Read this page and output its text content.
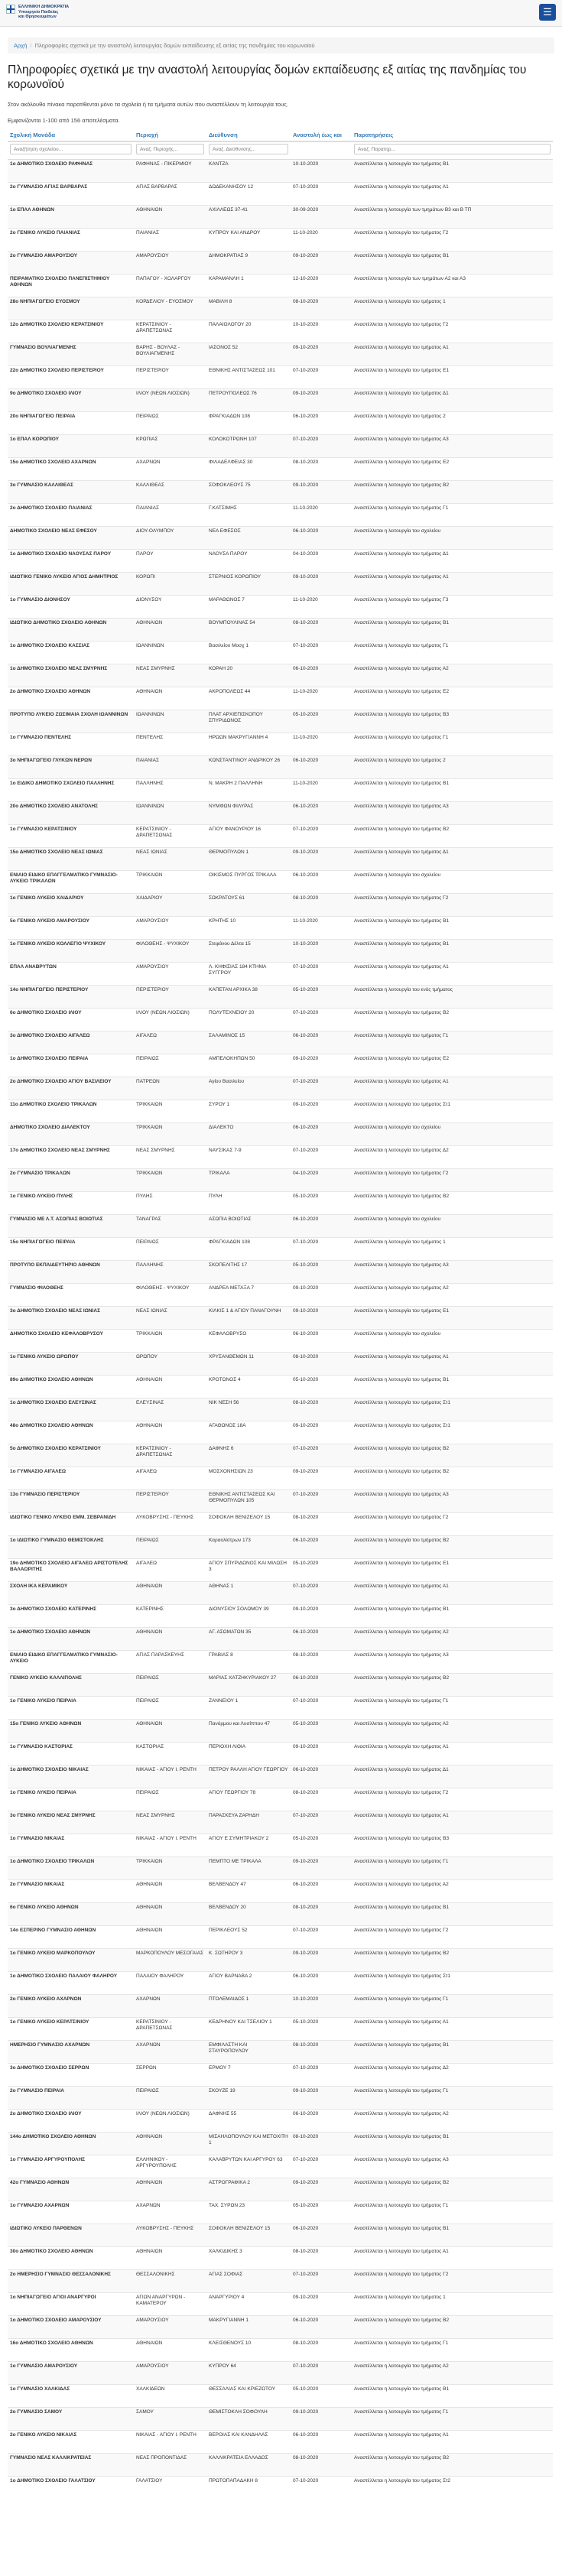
ΕΛΛΗΝΙΚΗ ΔΗΜΟΚΡΑΤΙΑ
Υπουργείο Παιδείας
και Θρησκευμάτων	☰
Αρχή / Πληροφορίες σχετικά με την αναστολή λειτουργίας δομών εκπαίδευσης εξ αιτίας της πανδημίας του κορωνοϊού
Πληροφορίες σχετικά με την αναστολή λειτουργίας δομών εκπαίδευσης εξ αιτίας της πανδημίας του κορωνοϊού
Στον ακόλουθο πίνακα παρατίθενται μόνο τα σχολεία ή τα τμήματα αυτών που αναστέλλουν τη λειτουργία τους.
Εμφανίζονται 1-100 από 156 αποτελέσματα.
Σχολική Μονάδα	Περιοχή	Διεύθυνση	Αναστολή έως και	Παρατηρήσεις
Αναζήτηση σχολείου...	Αναζ. Περιοχής...	Αναζ. Διεύθυνσης...		Αναζ. Παρατηρ...
1ο ΔΗΜΟΤΙΚΟ ΣΧΟΛΕΙΟ ΡΑΦΗΝΑΣ	ΡΑΦΗΝΑΣ - ΠΙΚΕΡΜΙΟΥ	ΚΑΝΤΖΑ	10-10-2020	Αναστέλλεται η λειτουργία του τμήματος Β1
2ο ΓΥΜΝΑΣΙΟ ΑΓΙΑΣ ΒΑΡΒΑΡΑΣ	ΑΓΙΑΣ ΒΑΡΒΑΡΑΣ	ΔΩΔΕΚΑΝΗΣΟΥ 12	07-10-2020	Αναστέλλεται η λειτουργία του τμήματος Α1
1ο ΕΠΑΛ ΑΘΗΝΩΝ	ΑΘΗΝΑΙΩΝ	ΑΧΙΛΛΕΩΣ 37-41	30-09-2020	Αναστέλλεται η λειτουργία των τμημάτων Β3 και Β ΤΠ
2ο ΓΕΝΙΚΟ ΛΥΚΕΙΟ ΠΑΙΑΝΙΑΣ	ΠΑΙΑΝΙΑΣ	ΚΥΠΡΟΥ ΚΑΙ ΑΝΔΡΟΥ	11-10-2020	Αναστέλλεται η λειτουργία του τμήματος Γ2
2ο ΓΥΜΝΑΣΙΟ ΑΜΑΡΟΥΣΙΟΥ	ΑΜΑΡΟΥΣΙΟΥ	ΔΗΜΟΚΡΑΤΙΑΣ 9	09-10-2020	Αναστέλλεται η λειτουργία του τμήματος Β1
ΠΕΙΡΑΜΑΤΙΚΟ ΣΧΟΛΕΙΟ ΠΑΝΕΠΙΣΤΗΜΙΟΥ ΑΘΗΝΩΝ	ΠΑΠΑΓΟΥ - ΧΟΛΑΡΓΟΥ	ΚΑΡΑΜΑΝΛΗ 1	12-10-2020	Αναστέλλεται η λειτουργία των τμημάτων Α2 και Α3
28ο ΝΗΠΙΑΓΩΓΕΙΟ ΕΥΟΣΜΟΥ	ΚΟΡΔΕΛΙΟΥ - ΕΥΟΣΜΟΥ	ΜΑΒΙΛΗ 8	08-10-2020	Αναστέλλεται η λειτουργία του τμήματος 1
12ο ΔΗΜΟΤΙΚΟ ΣΧΟΛΕΙΟ ΚΕΡΑΤΣΙΝΙΟΥ	ΚΕΡΑΤΣΙΝΙΟΥ - ΔΡΑΠΕΤΣΩΝΑΣ	ΠΑΛΑΙΟΛΟΓΟΥ 20	10-10-2020	Αναστέλλεται η λειτουργία του τμήματος Γ2
ΓΥΜΝΑΣΙΟ ΒΟΥΛΙΑΓΜΕΝΗΣ	ΒΑΡΗΣ - ΒΟΥΛΑΣ - ΒΟΥΛΙΑΓΜΕΝΗΣ	ΙΑΣΟΝΟΣ 52	09-10-2020	Αναστέλλεται η λειτουργία του τμήματος Α1
22ο ΔΗΜΟΤΙΚΟ ΣΧΟΛΕΙΟ ΠΕΡΙΣΤΕΡΙΟΥ	ΠΕΡΙΣΤΕΡΙΟΥ	ΕΘΝΙΚΗΣ ΑΝΤΙΣΤΑΣΕΩΣ 101	07-10-2020	Αναστέλλεται η λειτουργία του τμήματος Ε1
9ο ΔΗΜΟΤΙΚΟ ΣΧΟΛΕΙΟ ΙΛΙΟΥ	ΙΛΙΟΥ (ΝΕΩΝ ΛΙΟΣΙΩΝ)	ΠΕΤΡΟΥΠΟΛΕΩΣ 76	09-10-2020	Αναστέλλεται η λειτουργία του τμήματος Δ1
20ο ΝΗΠΙΑΓΩΓΕΙΟ ΠΕΙΡΑΙΑ	ΠΕΙΡΑΙΩΣ	ΦΡΑΓΚΙΑΔΩΝ 108	06-10-2020	Αναστέλλεται η λειτουργία του τμήματος 2
1ο ΕΠΑΛ ΚΟΡΩΠΙΟΥ	ΚΡΩΠΙΑΣ	ΚΟΛΟΚΟΤΡΩΝΗ 107	07-10-2020	Αναστέλλεται η λειτουργία του τμήματος Α3
15ο ΔΗΜΟΤΙΚΟ ΣΧΟΛΕΙΟ ΑΧΑΡΝΩΝ	ΑΧΑΡΝΩΝ	ΦΙΛΑΔΕΛΦΕΙΑΣ 30	08-10-2020	Αναστέλλεται η λειτουργία του τμήματος Ε2
3ο ΓΥΜΝΑΣΙΟ ΚΑΛΛΙΘΕΑΣ	ΚΑΛΛΙΘΕΑΣ	ΣΟΦΟΚΛΕΟΥΣ 75	09-10-2020	Αναστέλλεται η λειτουργία του τμήματος Β2
2ο ΔΗΜΟΤΙΚΟ ΣΧΟΛΕΙΟ ΠΑΙΑΝΙΑΣ	ΠΑΙΑΝΙΑΣ	Γ.ΚΑΤΣΙΜΗΣ	11-10-2020	Αναστέλλεται η λειτουργία του τμήματος Γ1
ΔΗΜΟΤΙΚΟ ΣΧΟΛΕΙΟ ΝΕΑΣ ΕΦΕΣΟΥ	ΔΙΟΥ-ΟΛΥΜΠΟΥ	ΝΕΑ ΕΦΕΣΟΣ	06-10-2020	Αναστέλλεται η λειτουργία του σχολείου
1ο ΔΗΜΟΤΙΚΟ ΣΧΟΛΕΙΟ ΝΑΟΥΣΑΣ ΠΑΡΟΥ	ΠΑΡΟΥ	ΝΑΟΥΣΑ ΠΑΡΟΥ	04-10-2020	Αναστέλλεται η λειτουργία του τμήματος Δ1
ΙΔΙΩΤΙΚΟ ΓΕΝΙΚΟ ΛΥΚΕΙΟ ΑΓΙΟΣ ΔΗΜΗΤΡΙΟΣ	ΚΟΡΩΠΙ	ΣΤΕΡΝΙΟΣ ΚΟΡΩΠΙΟΥ	09-10-2020	Αναστέλλεται η λειτουργία του τμήματος Α1
1ο ΓΥΜΝΑΣΙΟ ΔΙΟΝΗΣΟΥ	ΔΙΟΝΥΣΟΥ	ΜΑΡΑΘΩΝΟΣ 7	11-10-2020	Αναστέλλεται η λειτουργία του τμήματος Γ3
ΙΔΙΩΤΙΚΟ ΔΗΜΟΤΙΚΟ ΣΧΟΛΕΙΟ ΑΘΗΝΩΝ	ΑΘΗΝΑΙΩΝ	ΒΟΥΜΠΟΥΛΙΝΑΣ 54	08-10-2020	Αναστέλλεται η λειτουργία του τμήματος Β1
1ο ΔΗΜΟΤΙΚΟ ΣΧΟΛΕΙΟ ΚΑΣΣΙΑΣ	ΙΩΑΝΝΙΝΩΝ	Βασιλείου Μοσχ 1	07-10-2020	Αναστέλλεται η λειτουργία του τμήματος Γ1
1ο ΔΗΜΟΤΙΚΟ ΣΧΟΛΕΙΟ ΝΕΑΣ ΣΜΥΡΝΗΣ	ΝΕΑΣ ΣΜΥΡΝΗΣ	ΚΟΡΑΗ 20	06-10-2020	Αναστέλλεται η λειτουργία του τμήματος Α2
2ο ΔΗΜΟΤΙΚΟ ΣΧΟΛΕΙΟ ΑΘΗΝΩΝ	ΑΘΗΝΑΙΩΝ	ΑΚΡΟΠΟΛΕΩΣ 44	11-10-2020	Αναστέλλεται η λειτουργία του τμήματος Ε2
ΠΡΟΤΥΠΟ ΛΥΚΕΙΟ ΖΩΣΙΜΑΙΑ ΣΧΟΛΗ ΙΩΑΝΝΙΝΩΝ	ΙΩΑΝΝΙΝΩΝ	ΠΛΑΤ ΑΡΧΙΕΠΙΣΚΟΠΟΥ ΣΠΥΡΙΔΩΝΟΣ	05-10-2020	Αναστέλλεται η λειτουργία του τμήματος Β3
1ο ΓΥΜΝΑΣΙΟ ΠΕΝΤΕΛΗΣ	ΠΕΝΤΕΛΗΣ	ΗΡΩΩΝ ΜΑΚΡΥΓΙΑΝΝΗ 4	11-10-2020	Αναστέλλεται η λειτουργία του τμήματος Γ1
3ο ΝΗΠΙΑΓΩΓΕΙΟ ΓΛΥΚΩΝ ΝΕΡΩΝ	ΠΑΙΑΝΙΑΣ	ΚΩΝΣΤΑΝΤΙΝΟΥ ΑΝΔΡΙΚΟΥ 26	06-10-2020	Αναστέλλεται η λειτουργία του τμήματος 2
1ο ΕΙΔΙΚΟ ΔΗΜΟΤΙΚΟ ΣΧΟΛΕΙΟ ΠΑΛΛΗΝΗΣ	ΠΑΛΛΗΝΗΣ	Ν. ΜΑΚΡΗ 2 ΠΑΛΛΗΝΗ	11-10-2020	Αναστέλλεται η λειτουργία του τμήματος Β1
20ο ΔΗΜΟΤΙΚΟ ΣΧΟΛΕΙΟ ΑΝΑΤΟΛΗΣ	ΙΩΑΝΝΙΝΩΝ	ΝΥΜΦΩΝ ΦΙΛΥΡΑΣ	06-10-2020	Αναστέλλεται η λειτουργία του τμήματος Α3
1ο ΓΥΜΝΑΣΙΟ ΚΕΡΑΤΣΙΝΙΟΥ	ΚΕΡΑΤΣΙΝΙΟΥ - ΔΡΑΠΕΤΣΩΝΑΣ	ΑΓΙΟΥ ΦΑΝΟΥΡΙΟΥ 16	07-10-2020	Αναστέλλεται η λειτουργία του τμήματος Β2
15ο ΔΗΜΟΤΙΚΟ ΣΧΟΛΕΙΟ ΝΕΑΣ ΙΩΝΙΑΣ	ΝΕΑΣ ΙΩΝΙΑΣ	ΘΕΡΜΟΠΥΛΩΝ 1	09-10-2020	Αναστέλλεται η λειτουργία του τμήματος Δ1
ΕΝΙΑΙΟ ΕΙΔΙΚΟ ΕΠΑΓΓΕΛΜΑΤΙΚΟ ΓΥΜΝΑΣΙΟ-ΛΥΚΕΙΟ ΤΡΙΚΑΛΩΝ	ΤΡΙΚΚΑΙΩΝ	ΟΙΚΙΣΜΟΣ ΠΥΡΓΟΣ ΤΡΙΚΑΛΑ	06-10-2020	Αναστέλλεται η λειτουργία του σχολείου
1ο ΓΕΝΙΚΟ ΛΥΚΕΙΟ ΧΑΙΔΑΡΙΟΥ	ΧΑΙΔΑΡΙΟΥ	ΣΩΚΡΑΤΟΥΣ 61	08-10-2020	Αναστέλλεται η λειτουργία του τμήματος Γ2
5ο ΓΕΝΙΚΟ ΛΥΚΕΙΟ ΑΜΑΡΟΥΣΙΟΥ	ΑΜΑΡΟΥΣΙΟΥ	ΚΡΗΤΗΣ 10	11-10-2020	Αναστέλλεται η λειτουργία του τμήματος Β1
1ο ΓΕΝΙΚΟ ΛΥΚΕΙΟ ΚΟΛΛΕΓΙΟ ΨΥΧΙΚΟΥ	ΦΙΛΟΘΕΗΣ - ΨΥΧΙΚΟΥ	Στεφάνου Δέλτα 15	10-10-2020	Αναστέλλεται η λειτουργία του τμήματος Β1
ΕΠΑΛ ΑΝΑΒΡΥΤΩΝ	ΑΜΑΡΟΥΣΙΟΥ	Λ. ΚΗΦΙΣΙΑΣ 184 ΚΤΗΜΑ ΣΥΓΓΡΟΥ	07-10-2020	Αναστέλλεται η λειτουργία του τμήματος Α1
14ο ΝΗΠΙΑΓΩΓΕΙΟ ΠΕΡΙΣΤΕΡΙΟΥ	ΠΕΡΙΣΤΕΡΙΟΥ	ΚΑΠΕΤΑΝ ΑΡΧΙΚΑ 38	05-10-2020	Αναστέλλεται η λειτουργία του ενός τμήματος
6ο ΔΗΜΟΤΙΚΟ ΣΧΟΛΕΙΟ ΙΛΙΟΥ	ΙΛΙΟΥ (ΝΕΩΝ ΛΙΟΣΙΩΝ)	ΠΟΛΥΤΕΧΝΕΙΟΥ 20	07-10-2020	Αναστέλλεται η λειτουργία του τμήματος Β2
3ο ΔΗΜΟΤΙΚΟ ΣΧΟΛΕΙΟ ΑΙΓΑΛΕΩ	ΑΙΓΑΛΕΩ	ΣΑΛΑΜΙΝΟΣ 15	06-10-2020	Αναστέλλεται η λειτουργία του τμήματος Γ1
1ο ΔΗΜΟΤΙΚΟ ΣΧΟΛΕΙΟ ΠΕΙΡΑΙΑ	ΠΕΙΡΑΙΩΣ	ΑΜΠΕΛΟΚΗΠΩΝ 50	09-10-2020	Αναστέλλεται η λειτουργία του τμήματος Ε2
2ο ΔΗΜΟΤΙΚΟ ΣΧΟΛΕΙΟ ΑΓΙΟΥ ΒΑΣΙΛΕΙΟΥ	ΠΑΤΡΕΩΝ	Αγίου Βασιλείου	07-10-2020	Αναστέλλεται η λειτουργία του τμήματος Α1
11ο ΔΗΜΟΤΙΚΟ ΣΧΟΛΕΙΟ ΤΡΙΚΑΛΩΝ	ΤΡΙΚΚΑΙΩΝ	ΣΥΡΟΥ 1	09-10-2020	Αναστέλλεται η λειτουργία του τμήματος Στ1
ΔΗΜΟΤΙΚΟ ΣΧΟΛΕΙΟ ΔΙΑΛΕΚΤΟΥ	ΤΡΙΚΚΑΙΩΝ	ΔΙΑΛΕΚΤΟ	06-10-2020	Αναστέλλεται η λειτουργία του σχολείου
17ο ΔΗΜΟΤΙΚΟ ΣΧΟΛΕΙΟ ΝΕΑΣ ΣΜΥΡΝΗΣ	ΝΕΑΣ ΣΜΥΡΝΗΣ	ΝΑΥΣΙΚΑΣ 7-9	07-10-2020	Αναστέλλεται η λειτουργία του τμήματος Δ2
2ο ΓΥΜΝΑΣΙΟ ΤΡΙΚΑΛΩΝ	ΤΡΙΚΚΑΙΩΝ	ΤΡΙΚΑΛΑ	04-10-2020	Αναστέλλεται η λειτουργία του τμήματος Γ2
1ο ΓΕΝΙΚΟ ΛΥΚΕΙΟ ΠΥΛΗΣ	ΠΥΛΗΣ	ΠΥΛΗ	05-10-2020	Αναστέλλεται η λειτουργία του τμήματος Β2
ΓΥΜΝΑΣΙΟ ΜΕ Λ.Τ. ΑΣΩΠΙΑΣ ΒΟΙΩΤΙΑΣ	ΤΑΝΑΓΡΑΣ	ΑΣΩΠΙΑ ΒΟΙΩΤΙΑΣ	06-10-2020	Αναστέλλεται η λειτουργία του σχολείου
15ο ΝΗΠΙΑΓΩΓΕΙΟ ΠΕΙΡΑΙΑ	ΠΕΙΡΑΙΩΣ	ΦΡΑΓΚΙΑΔΩΝ 108	07-10-2020	Αναστέλλεται η λειτουργία του τμήματος 1
ΠΡΟΤΥΠΟ ΕΚΠΑΙΔΕΥΤΗΡΙΟ ΑΘΗΝΩΝ	ΠΑΛΛΗΝΗΣ	ΣΚΟΠΕΛΙΤΗΣ 17	05-10-2020	Αναστέλλεται η λειτουργία του τμήματος Α3
ΓΥΜΝΑΣΙΟ ΦΙΛΟΘΕΗΣ	ΦΙΛΟΘΕΗΣ - ΨΥΧΙΚΟΥ	ΑΝΔΡΕΑ ΜΕΤΑΞΑ 7	09-10-2020	Αναστέλλεται η λειτουργία του τμήματος Α2
3ο ΔΗΜΟΤΙΚΟ ΣΧΟΛΕΙΟ ΝΕΑΣ ΙΩΝΙΑΣ	ΝΕΑΣ ΙΩΝΙΑΣ	ΚΙΛΚΙΣ 1 & ΑΓΙΟΥ ΠΑΝΑΓΟΥΝΗ	09-10-2020	Αναστέλλεται η λειτουργία του τμήματος Ε1
ΔΗΜΟΤΙΚΟ ΣΧΟΛΕΙΟ ΚΕΦΑΛΟΒΡΥΣΟΥ	ΤΡΙΚΚΑΙΩΝ	ΚΕΦΑΛΟΒΡΥΣΟ	06-10-2020	Αναστέλλεται η λειτουργία του σχολείου
1ο ΓΕΝΙΚΟ ΛΥΚΕΙΟ ΩΡΩΠΟΥ	ΩΡΩΠΟΥ	ΧΡΥΣΑΝΘΕΜΩΝ 11	08-10-2020	Αναστέλλεται η λειτουργία του τμήματος Α1
89ο ΔΗΜΟΤΙΚΟ ΣΧΟΛΕΙΟ ΑΘΗΝΩΝ	ΑΘΗΝΑΙΩΝ	ΚΡΟΤΩΝΟΣ 4	05-10-2020	Αναστέλλεται η λειτουργία του τμήματος Β1
1ο ΔΗΜΟΤΙΚΟ ΣΧΟΛΕΙΟ ΕΛΕΥΣΙΝΑΣ	ΕΛΕΥΣΙΝΑΣ	ΝΙΚ ΝΕΣΗ 56	08-10-2020	Αναστέλλεται η λειτουργία του τμήματος Στ1
48ο ΔΗΜΟΤΙΚΟ ΣΧΟΛΕΙΟ ΑΘΗΝΩΝ	ΑΘΗΝΑΙΩΝ	ΑΓΑΘΩΝΟΣ 18Α	09-10-2020	Αναστέλλεται η λειτουργία του τμήματος Στ1
5ο ΔΗΜΟΤΙΚΟ ΣΧΟΛΕΙΟ ΚΕΡΑΤΣΙΝΙΟΥ	ΚΕΡΑΤΣΙΝΙΟΥ - ΔΡΑΠΕΤΣΩΝΑΣ	ΔΑΦΝΗΣ 6	07-10-2020	Αναστέλλεται η λειτουργία του τμήματος Β2
1ο ΓΥΜΝΑΣΙΟ ΑΙΓΑΛΕΩ	ΑΙΓΑΛΕΩ	ΜΟΣΧΟΝΗΣΙΩΝ 23	09-10-2020	Αναστέλλεται η λειτουργία του τμήματος Β2
13ο ΓΥΜΝΑΣΙΟ ΠΕΡΙΣΤΕΡΙΟΥ	ΠΕΡΙΣΤΕΡΙΟΥ	ΕΘΝΙΚΗΣ ΑΝΤΙΣΤΑΣΕΩΣ ΚΑΙ ΘΕΡΜΟΠΥΛΩΝ 105	07-10-2020	Αναστέλλεται η λειτουργία του τμήματος Α3
ΙΔΙΩΤΙΚΟ ΓΕΝΙΚΟ ΛΥΚΕΙΟ ΕΜΜ. ΣΕΒΡΑΝΙΔΗ	ΛΥΚΟΒΡΥΣΗΣ - ΠΕΥΚΗΣ	ΣΟΦΟΚΛΗ ΒΕΝΙΖΕΛΟΥ 15	08-10-2020	Αναστέλλεται η λειτουργία του τμήματος Γ2
1ο ΙΔΙΩΤΙΚΟ ΓΥΜΝΑΣΙΟ ΘΕΜΙΣΤΟΚΛΗΣ	ΠΕΙΡΑΙΩΣ	Καραολίστρων 173	06-10-2020	Αναστέλλεται η λειτουργία του τμήματος Β2
19ο ΔΗΜΟΤΙΚΟ ΣΧΟΛΕΙΟ ΑΙΓΑΛΕΩ ΑΡΙΣΤΟΤΕΛΗΣ ΒΑΛΑΩΡΙΤΗΣ	ΑΙΓΑΛΕΩ	ΑΓΙΟΥ ΣΠΥΡΙΔΩΝΟΣ ΚΑΙ ΜΙΛΩΣΗ 3	05-10-2020	Αναστέλλεται η λειτουργία του τμήματος Ε1
ΣΧΟΛΗ ΙΚΑ ΚΕΡΑΜΙΚΟΥ	ΑΘΗΝΑΙΩΝ	ΑΘΗΝΑΣ 1	07-10-2020	Αναστέλλεται η λειτουργία του τμήματος Α1
3ο ΔΗΜΟΤΙΚΟ ΣΧΟΛΕΙΟ ΚΑΤΕΡΙΝΗΣ	ΚΑΤΕΡΙΝΗΣ	ΔΙΟΝΥΣΙΟΥ ΣΟΛΩΜΟΥ 39	09-10-2020	Αναστέλλεται η λειτουργία του τμήματος Β1
1ο ΔΗΜΟΤΙΚΟ ΣΧΟΛΕΙΟ ΑΘΗΝΩΝ	ΑΘΗΝΑΙΩΝ	ΑΓ. ΑΣΩΜΑΤΩΝ 35	06-10-2020	Αναστέλλεται η λειτουργία του τμήματος Α2
ΕΝΙΑΙΟ ΕΙΔΙΚΟ ΕΠΑΓΓΕΛΜΑΤΙΚΟ ΓΥΜΝΑΣΙΟ-ΛΥΚΕΙΟ	ΑΓΙΑΣ ΠΑΡΑΣΚΕΥΗΣ	ΓΡΑΒΙΑΣ 8	08-10-2020	Αναστέλλεται η λειτουργία του τμήματος Α3
ΓΕΝΙΚΟ ΛΥΚΕΙΟ ΚΑΛΛΙΠΟΛΗΣ	ΠΕΙΡΑΙΩΣ	ΜΑΡΙΑΣ ΧΑΤΖΗΚΥΡΙΑΚΟΥ 27	06-10-2020	Αναστέλλεται η λειτουργία του τμήματος Β2
1ο ΓΕΝΙΚΟ ΛΥΚΕΙΟ ΠΕΙΡΑΙΑ	ΠΕΙΡΑΙΩΣ	ΖΑΝΝΕΙΟΥ 1	07-10-2020	Αναστέλλεται η λειτουργία του τμήματος Γ1
15ο ΓΕΝΙΚΟ ΛΥΚΕΙΟ ΑΘΗΝΩΝ	ΑΘΗΝΑΙΩΝ	Πανόρμου και Λυσίππου 47	05-10-2020	Αναστέλλεται η λειτουργία του τμήματος Α2
1ο ΓΥΜΝΑΣΙΟ ΚΑΣΤΟΡΙΑΣ	ΚΑΣΤΟΡΙΑΣ	ΠΕΡΙΟΧΗ ΛΙΘΙΑ	09-10-2020	Αναστέλλεται η λειτουργία του τμήματος Α1
1ο ΔΗΜΟΤΙΚΟ ΣΧΟΛΕΙΟ ΝΙΚΑΙΑΣ	ΝΙΚΑΙΑΣ - ΑΓΙΟΥ Ι. ΡΕΝΤΗ	ΠΕΤΡΟΥ ΡΑΛΛΗ ΑΓΙΟΥ ΓΕΩΡΓΙΟΥ	06-10-2020	Αναστέλλεται η λειτουργία του τμήματος Δ1
1ο ΓΕΝΙΚΟ ΛΥΚΕΙΟ ΠΕΙΡΑΙΑ	ΠΕΙΡΑΙΩΣ	ΑΓΙΟΥ ΓΕΩΡΓΙΟΥ 78	08-10-2020	Αναστέλλεται η λειτουργία του τμήματος Γ2
3ο ΓΕΝΙΚΟ ΛΥΚΕΙΟ ΝΕΑΣ ΣΜΥΡΝΗΣ	ΝΕΑΣ ΣΜΥΡΝΗΣ	ΠΑΡΑΣΚΕΥΑ ΖΑΡΗΔΗ	07-10-2020	Αναστέλλεται η λειτουργία του τμήματος Α1
1ο ΓΥΜΝΑΣΙΟ ΝΙΚΑΙΑΣ	ΝΙΚΑΙΑΣ - ΑΓΙΟΥ Ι. ΡΕΝΤΗ	ΑΓΙΟΥ Ε ΣΥΜΗΤΡΙΑΚΟΥ 2	05-10-2020	Αναστέλλεται η λειτουργία του τμήματος Β3
1ο ΔΗΜΟΤΙΚΟ ΣΧΟΛΕΙΟ ΤΡΙΚΑΛΩΝ	ΤΡΙΚΚΑΙΩΝ	ΠΕΜΠΤΟ ΜΕ ΤΡΙΚΑΛΑ	09-10-2020	Αναστέλλεται η λειτουργία του τμήματος Γ1
2ο ΓΥΜΝΑΣΙΟ ΝΙΚΑΙΑΣ	ΑΘΗΝΑΙΩΝ	ΒΕΛΒΕΝΔΟΥ 47	06-10-2020	Αναστέλλεται η λειτουργία του τμήματος Α2
6ο ΓΕΝΙΚΟ ΛΥΚΕΙΟ ΑΘΗΝΩΝ	ΑΘΗΝΑΙΩΝ	ΒΕΛΒΕΝΔΟΥ 20	08-10-2020	Αναστέλλεται η λειτουργία του τμήματος Β1
14ο ΕΣΠΕΡΙΝΟ ΓΥΜΝΑΣΙΟ ΑΘΗΝΩΝ	ΑΘΗΝΑΙΩΝ	ΠΕΡΙΚΛΕΟΥΣ 52	07-10-2020	Αναστέλλεται η λειτουργία του τμήματος Γ2
1ο ΓΕΝΙΚΟ ΛΥΚΕΙΟ ΜΑΡΚΟΠΟΥΛΟΥ	ΜΑΡΚΟΠΟΥΛΟΥ ΜΕΣΟΓΑΙΑΣ	Κ. ΣΩΤΗΡΟΥ 3	09-10-2020	Αναστέλλεται η λειτουργία του τμήματος Β2
1ο ΔΗΜΟΤΙΚΟ ΣΧΟΛΕΙΟ ΠΑΛΑΙΟΥ ΦΑΛΗΡΟΥ	ΠΑΛΑΙΟΥ ΦΑΛΗΡΟΥ	ΑΓΙΟΥ ΒΑΡΝΑΒΑ 2	06-10-2020	Αναστέλλεται η λειτουργία του τμήματος Στ1
2ο ΓΕΝΙΚΟ ΛΥΚΕΙΟ ΑΧΑΡΝΩΝ	ΑΧΑΡΝΩΝ	ΠΤΟΛΕΜΑΙΔΟΣ 1	10-10-2020	Αναστέλλεται η λειτουργία του τμήματος Γ1
1ο ΓΕΝΙΚΟ ΛΥΚΕΙΟ ΚΕΡΑΤΣΙΝΙΟΥ	ΚΕΡΑΤΣΙΝΙΟΥ - ΔΡΑΠΕΤΣΩΝΑΣ	ΚΕΔΡΗΝΟΥ ΚΑΙ ΤΣΕΛΙΟΥ 1	05-10-2020	Αναστέλλεται η λειτουργία του τμήματος Α1
ΗΜΕΡΗΣΙΟ ΓΥΜΝΑΣΙΟ ΑΧΑΡΝΩΝ	ΑΧΑΡΝΩΝ	ΕΜΦΙΛΑΣΤΗ ΚΑΙ ΣΤΑΥΡΟΠΟΥΛΟΥ	08-10-2020	Αναστέλλεται η λειτουργία του τμήματος Β1
3ο ΔΗΜΟΤΙΚΟ ΣΧΟΛΕΙΟ ΣΕΡΡΩΝ	ΣΕΡΡΩΝ	ΕΡΜΟΥ 7	07-10-2020	Αναστέλλεται η λειτουργία του τμήματος Δ2
2ο ΓΥΜΝΑΣΙΟ ΠΕΙΡΑΙΑ	ΠΕΙΡΑΙΩΣ	ΣΚΟΥΖΕ 19	09-10-2020	Αναστέλλεται η λειτουργία του τμήματος Γ1
2ο ΔΗΜΟΤΙΚΟ ΣΧΟΛΕΙΟ ΙΛΙΟΥ	ΙΛΙΟΥ (ΝΕΩΝ ΛΙΟΣΙΩΝ)	ΔΑΦΝΗΣ 55	06-10-2020	Αναστέλλεται η λειτουργία του τμήματος Α2
144ο ΔΗΜΟΤΙΚΟ ΣΧΟΛΕΙΟ ΑΘΗΝΩΝ	ΑΘΗΝΑΙΩΝ	ΜΙΣΑΗΛΟΠΟΥΛΟΥ ΚΑΙ ΜΕΤΟΧΙΤΗ 1	08-10-2020	Αναστέλλεται η λειτουργία του τμήματος Β1
1ο ΓΥΜΝΑΣΙΟ ΑΡΓΥΡΟΥΠΟΛΗΣ	ΕΛΛΗΝΙΚΟΥ - ΑΡΓΥΡΟΥΠΟΛΗΣ	ΚΑΛΑΒΡΥΤΩΝ ΚΑΙ ΑΡΓΥΡΟΥ 63	07-10-2020	Αναστέλλεται η λειτουργία του τμήματος Α3
42ο ΓΥΜΝΑΣΙΟ ΑΘΗΝΩΝ	ΑΘΗΝΑΙΩΝ	ΑΣΤΡΟΓΡΑΦΙΚΑ 2	09-10-2020	Αναστέλλεται η λειτουργία του τμήματος Β2
1ο ΓΥΜΝΑΣΙΟ ΑΧΑΡΝΩΝ	ΑΧΑΡΝΩΝ	ΤΑΧ. ΣΥΡΩΝ 23	05-10-2020	Αναστέλλεται η λειτουργία του τμήματος Γ1
ΙΔΙΩΤΙΚΟ ΛΥΚΕΙΟ ΠΑΡΘΕΝΩΝ	ΛΥΚΟΒΡΥΣΗΣ - ΠΕΥΚΗΣ	ΣΟΦΟΚΛΗ ΒΕΝΙΖΕΛΟΥ 15	06-10-2020	Αναστέλλεται η λειτουργία του τμήματος Β1
30ο ΔΗΜΟΤΙΚΟ ΣΧΟΛΕΙΟ ΑΘΗΝΩΝ	ΑΘΗΝΑΙΩΝ	ΧΑΛΚΙΔΙΚΗΣ 3	08-10-2020	Αναστέλλεται η λειτουργία του τμήματος Α1
2ο ΗΜΕΡΗΣΙΟ ΓΥΜΝΑΣΙΟ ΘΕΣΣΑΛΟΝΙΚΗΣ	ΘΕΣΣΑΛΟΝΙΚΗΣ	ΑΓΙΑΣ ΣΟΦΙΑΣ	07-10-2020	Αναστέλλεται η λειτουργία του τμήματος Γ2
1ο ΝΗΠΙΑΓΩΓΕΙΟ ΑΓΙΟΙ ΑΝΑΡΓΥΡΟΙ	ΑΓΙΩΝ ΑΝΑΡΓΥΡΩΝ - ΚΑΜΑΤΕΡΟΥ	ΑΝΑΡΓΥΡΙΟΥ 4	09-10-2020	Αναστέλλεται η λειτουργία του τμήματος 1
1ο ΔΗΜΟΤΙΚΟ ΣΧΟΛΕΙΟ ΑΜΑΡΟΥΣΙΟΥ	ΑΜΑΡΟΥΣΙΟΥ	ΜΑΚΡΥΓΙΑΝΝΗ 1	06-10-2020	Αναστέλλεται η λειτουργία του τμήματος Β2
16ο ΔΗΜΟΤΙΚΟ ΣΧΟΛΕΙΟ ΑΘΗΝΩΝ	ΑΘΗΝΑΙΩΝ	ΚΛΕΙΣΘΕΝΟΥΣ 10	08-10-2020	Αναστέλλεται η λειτουργία του τμήματος Γ1
1ο ΓΥΜΝΑΣΙΟ ΑΜΑΡΟΥΣΙΟΥ	ΑΜΑΡΟΥΣΙΟΥ	ΚΥΠΡΟΥ 64	07-10-2020	Αναστέλλεται η λειτουργία του τμήματος Α2
1ο ΓΥΜΝΑΣΙΟ ΧΑΛΚΙΔΑΣ	ΧΑΛΚΙΔΕΩΝ	ΘΕΣΣΑΛΙΑΣ ΚΑΙ ΚΡΙΕΖΩΤΟΥ	05-10-2020	Αναστέλλεται η λειτουργία του τμήματος Β1
2ο ΓΥΜΝΑΣΙΟ ΣΑΜΟΥ	ΣΑΜΟΥ	ΘΕΜΙΣΤΟΚΛΗ ΣΟΦΟΥΛΗ	09-10-2020	Αναστέλλεται η λειτουργία του τμήματος Γ1
2ο ΓΕΝΙΚΟ ΛΥΚΕΙΟ ΝΙΚΑΙΑΣ	ΝΙΚΑΙΑΣ - ΑΓΙΟΥ Ι. ΡΕΝΤΗ	ΒΕΡΟΙΑΣ ΚΑΙ ΚΑΝΔΗΛΑΣ	06-10-2020	Αναστέλλεται η λειτουργία του τμήματος Α1
ΓΥΜΝΑΣΙΟ ΝΕΑΣ ΚΑΛΛΙΚΡΑΤΕΙΑΣ	ΝΕΑΣ ΠΡΟΠΟΝΤΙΔΑΣ	ΚΑΛΛΙΚΡΑΤΕΙΑ ΕΛΛΑΔΟΣ	08-10-2020	Αναστέλλεται η λειτουργία του τμήματος Β2
1ο ΔΗΜΟΤΙΚΟ ΣΧΟΛΕΙΟ ΓΑΛΑΤΣΙΟΥ	ΓΑΛΑΤΣΙΟΥ	ΠΡΩΤΟΠΑΠΑΔΑΚΗ 8	07-10-2020	Αναστέλλεται η λειτουργία του τμήματος Στ2
